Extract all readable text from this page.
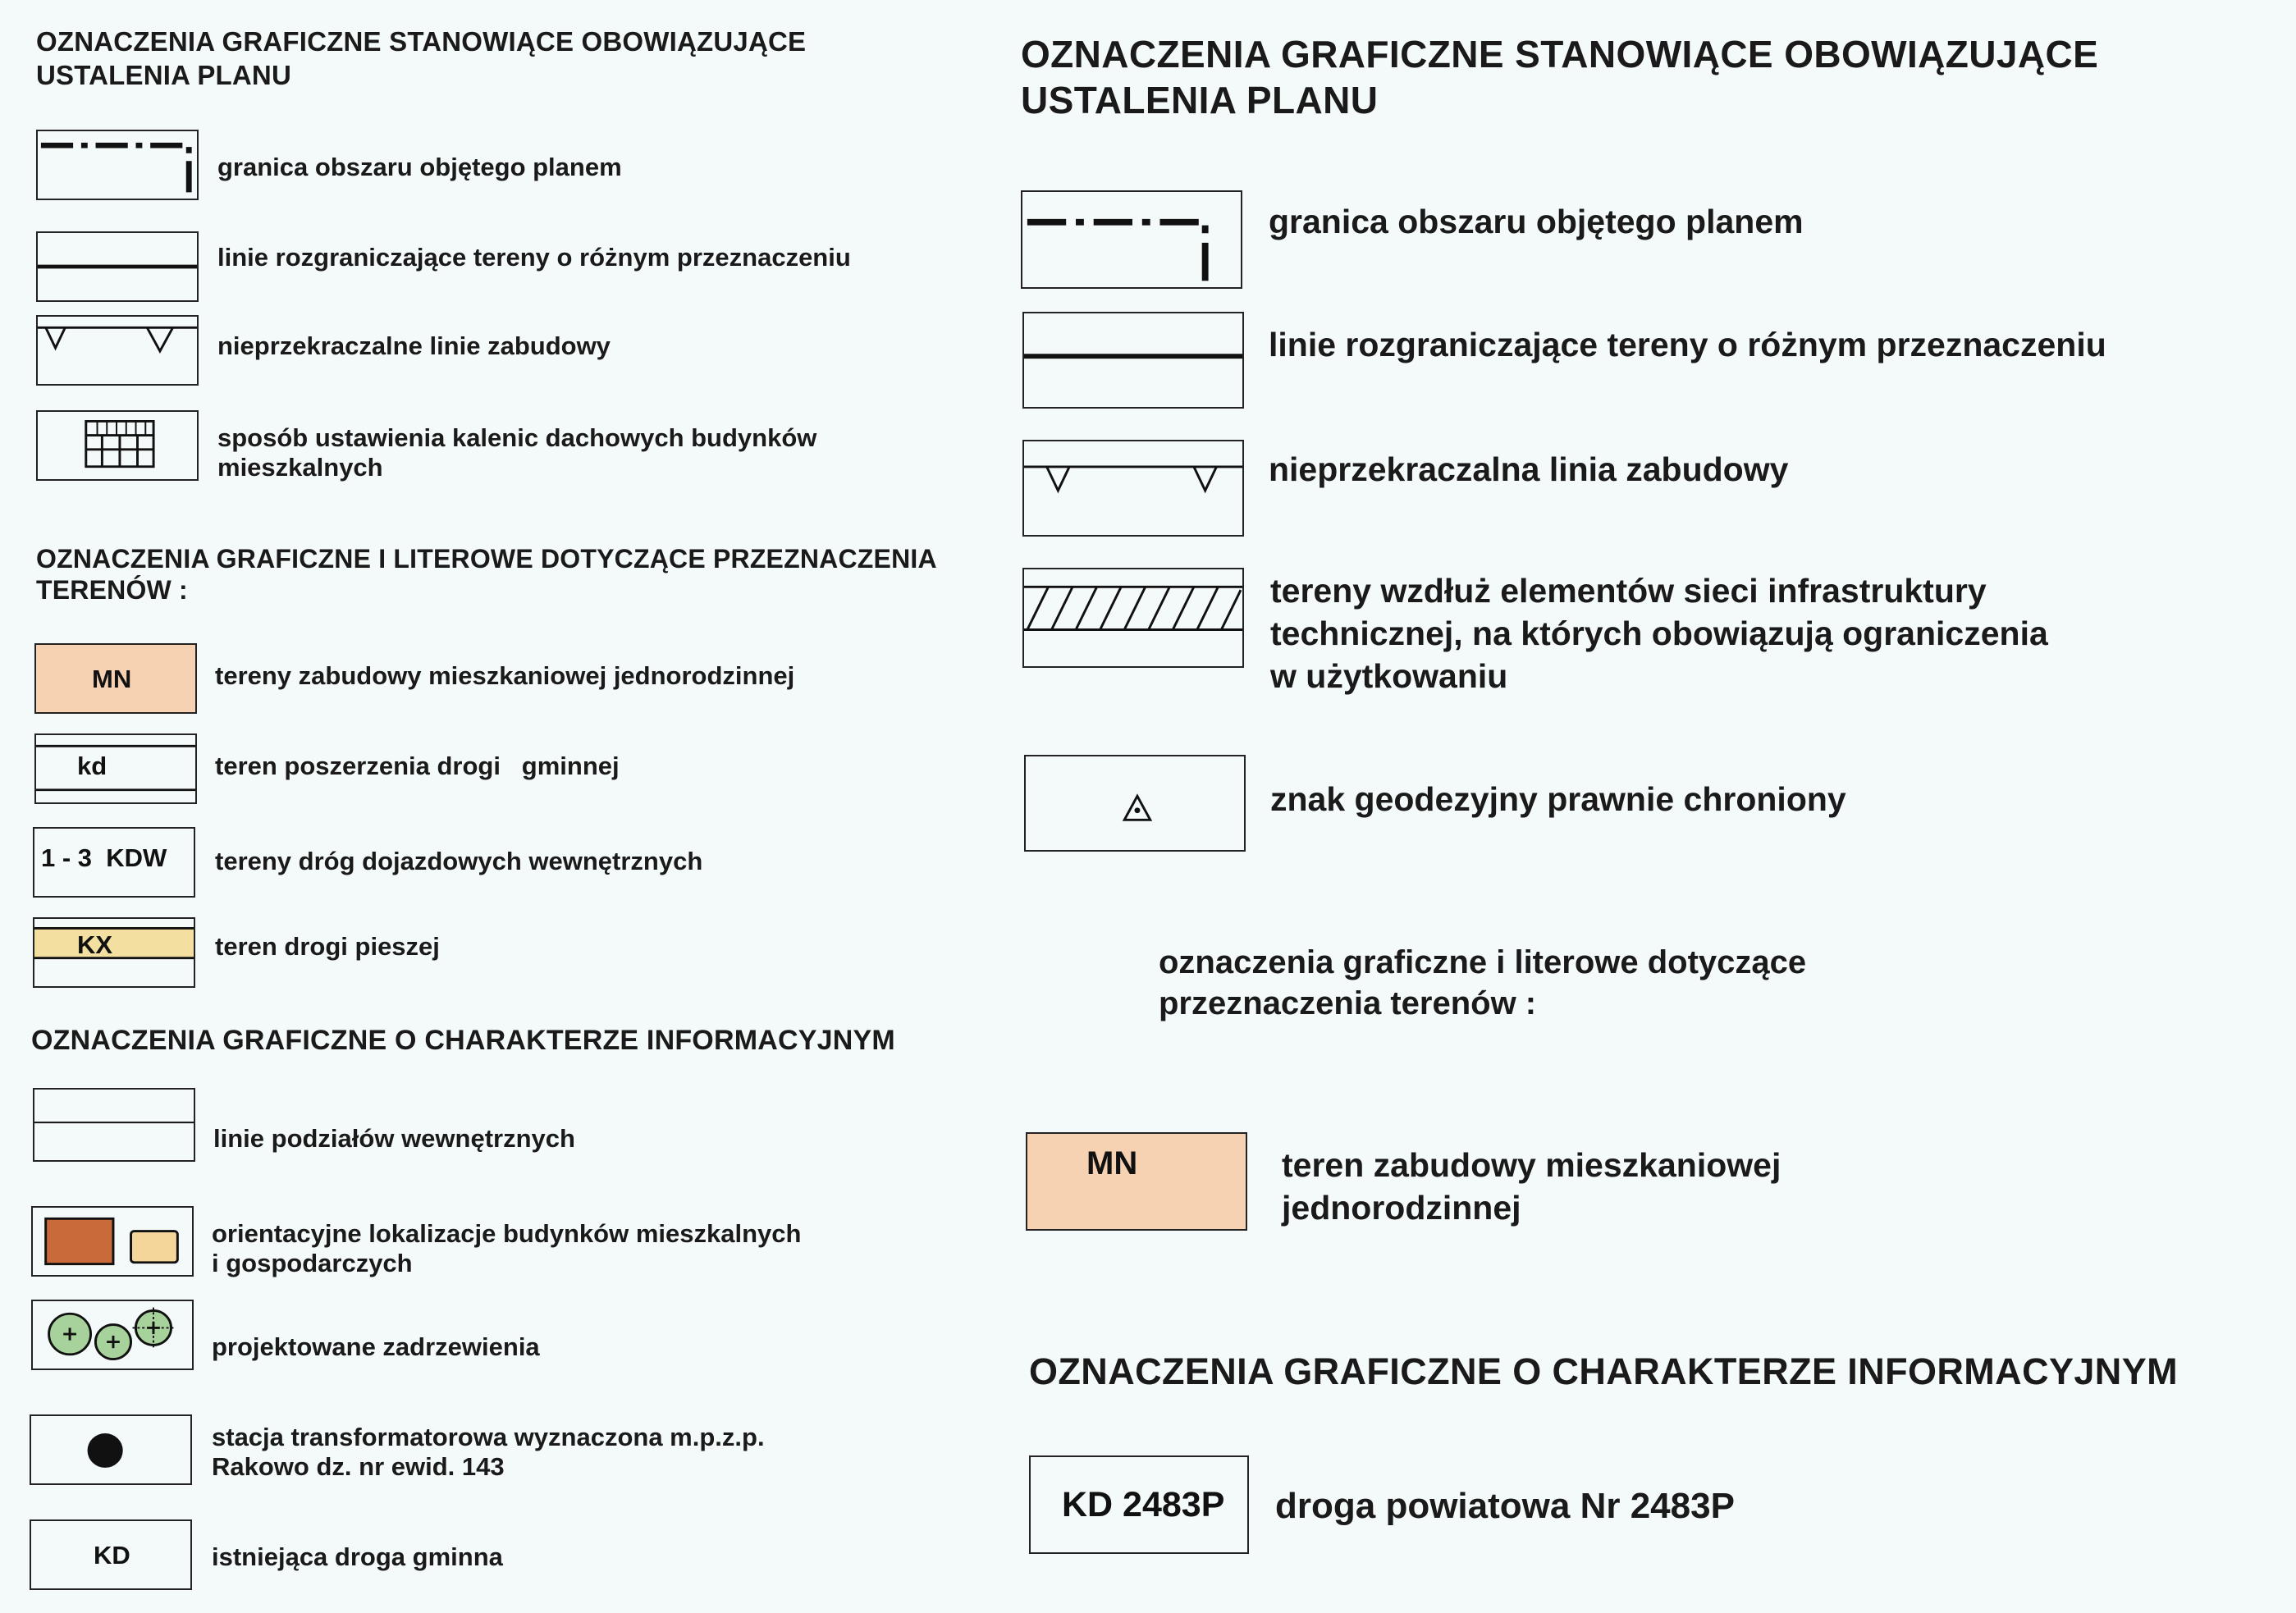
OZNACZENIA GRAFICZNE STANOWIĄCE OBOWIĄZUJĄCE
USTALENIA PLANU
granica obszaru objętego planem
linie rozgraniczające tereny o różnym przeznaczeniu
nieprzekraczalne linie zabudowy
sposób ustawienia kalenic dachowych budynków
mieszkalnych
OZNACZENIA GRAFICZNE I LITEROWE DOTYCZĄCE PRZEZNACZENIA
TERENÓW :
MN	tereny zabudowy mieszkaniowej jednorodzinnej
kd	teren poszerzenia drogi   gminnej
1 - 3  KDW tereny dróg dojazdowych wewnętrznych
KX	teren drogi pieszej
OZNACZENIA GRAFICZNE O CHARAKTERZE INFORMACYJNYM
linie podziałów wewnętrznych
orientacyjne lokalizacje budynków mieszkalnych
i gospodarczych
projektowane zadrzewienia
stacja transformatorowa wyznaczona m.p.z.p.
Rakowo dz. nr ewid. 143
KD	istniejąca droga gminna
OZNACZENIA GRAFICZNE STANOWIĄCE OBOWIĄZUJĄCE
USTALENIA PLANU
granica obszaru objętego planem
linie rozgraniczające tereny o różnym przeznaczeniu
nieprzekraczalna linia zabudowy
tereny wzdłuż elementów sieci infrastruktury
technicznej, na których obowiązują ograniczenia
w użytkowaniu
znak geodezyjny prawnie chroniony
oznaczenia graficzne i literowe dotyczące
przeznaczenia terenów :
MN	teren zabudowy mieszkaniowej
jednorodzinnej
OZNACZENIA GRAFICZNE O CHARAKTERZE INFORMACYJNYM
KD 2483P droga powiatowa Nr 2483P
